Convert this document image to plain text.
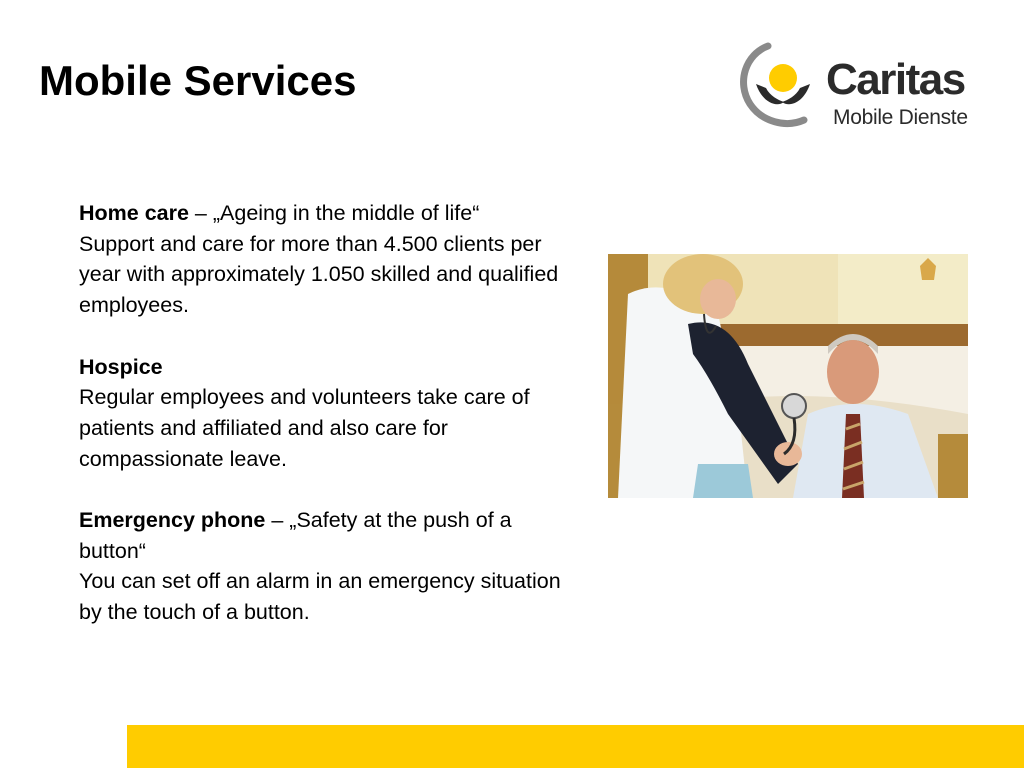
Mobile Services	Caritas
Mobile Dienste

Home care – „Ageing in the middle of life“

Support and care for more than 4.500 clients per year with approximately 1.050 skilled and qualified employees.

Hospice

Regular employees and volunteers take care of patients and affiliated and also care for compassionate leave.

Emergency phone – „Safety at the push of a button“

You can set off an alarm in an emergency situation by the touch of a button.
